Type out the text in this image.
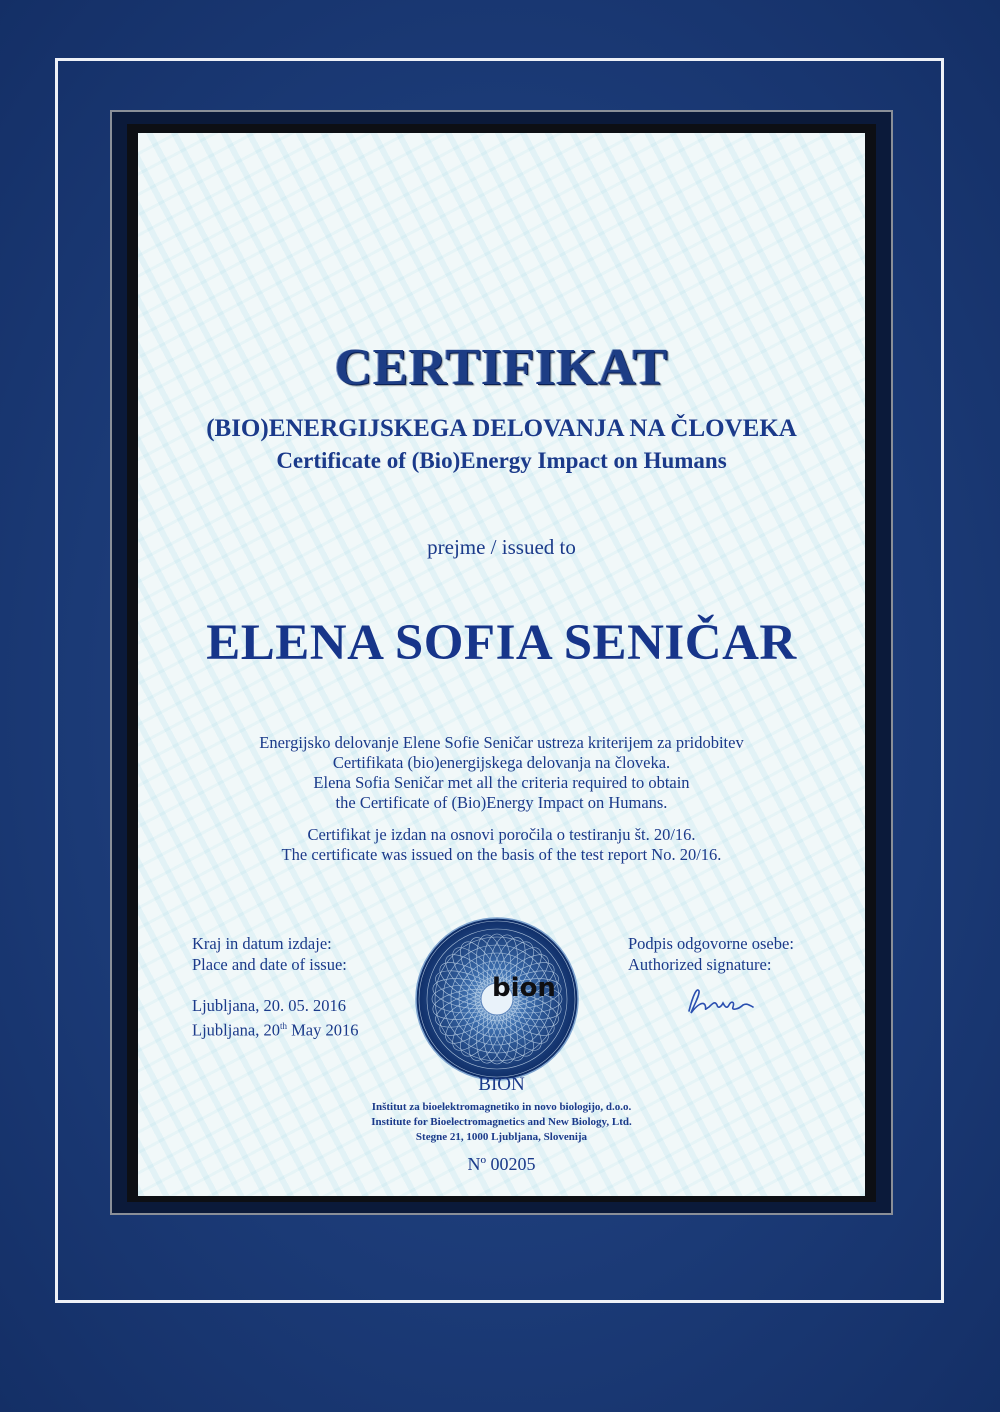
CERTIFIKAT
(BIO)ENERGIJSKEGA DELOVANJA NA ČLOVEKA
Certificate of (Bio)Energy Impact on Humans
prejme / issued to
ELENA SOFIA SENIČAR
Energijsko delovanje Elene Sofie Seničar ustreza kriterijem za pridobitev
Certifikata (bio)energijskega delovanja na človeka.
Elena Sofia Seničar met all the criteria required to obtain
the Certificate of (Bio)Energy Impact on Humans.
Certifikat je izdan na osnovi poročila o testiranju št. 20/16.
The certificate was issued on the basis of the test report No. 20/16.
Kraj in datum izdaje:
Place and date of issue:
Ljubljana, 20. 05. 2016
Ljubljana, 20th May 2016
Podpis odgovorne osebe:
Authorized signature:
bion
BION
Inštitut za bioelektromagnetiko in novo biologijo, d.o.o.
Institute for Bioelectromagnetics and New Biology, Ltd.
Stegne 21, 1000 Ljubljana, Slovenija
Nº 00205
